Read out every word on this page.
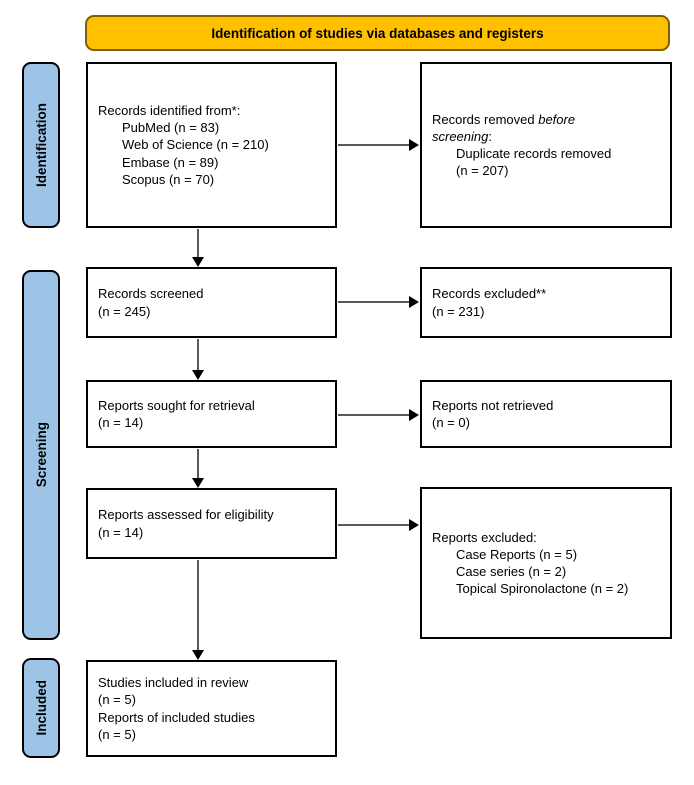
Identification of studies via databases and registers
Identification
Screening
Included
Records identified from*:
PubMed (n = 83)
Web of Science (n = 210)
Embase (n = 89)
Scopus (n = 70)
Records screened
(n = 245)
Reports sought for retrieval
(n = 14)
Reports assessed for eligibility
(n = 14)
Studies included in review
(n = 5)
Reports of included studies
(n = 5)
Records removed before
screening:
Duplicate records removed
(n = 207)
Records excluded**
(n = 231)
Reports not retrieved
(n = 0)
Reports excluded:
Case Reports (n = 5)
Case series (n = 2)
Topical Spironolactone (n = 2)
